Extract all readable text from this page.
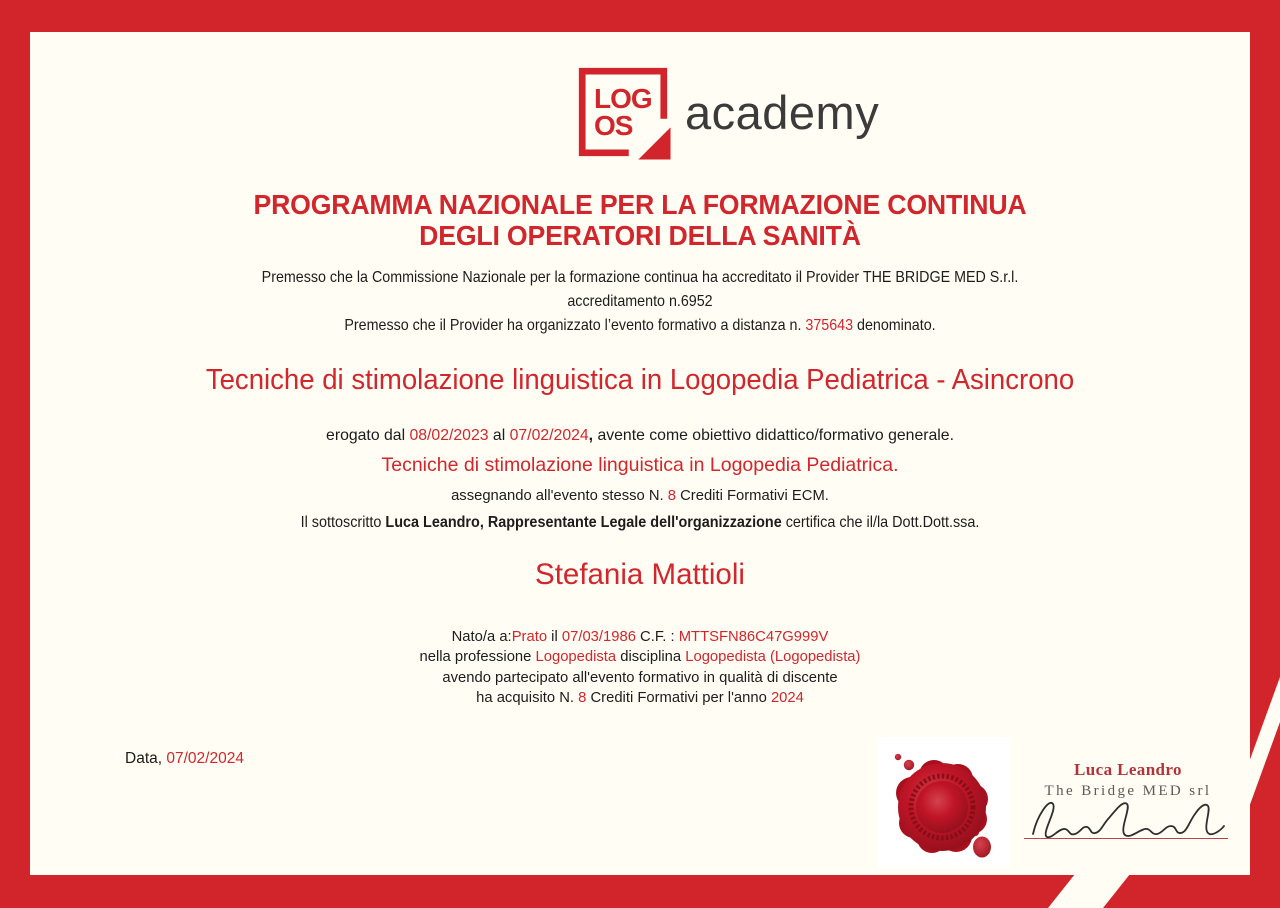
LOG
OS	academy
PROGRAMMA NAZIONALE PER LA FORMAZIONE CONTINUA
DEGLI OPERATORI DELLA SANITÀ
Premesso che la Commissione Nazionale per la formazione continua ha accreditato il Provider THE BRIDGE MED S.r.l.
accreditamento n.6952
Premesso che il Provider ha organizzato l’evento formativo a distanza n. 375643 denominato.
Tecniche di stimolazione linguistica in Logopedia Pediatrica - Asincrono
erogato dal 08/02/2023 al 07/02/2024, avente come obiettivo didattico/formativo generale.
Tecniche di stimolazione linguistica in Logopedia Pediatrica.
assegnando all'evento stesso N. 8 Crediti Formativi ECM.
Il sottoscritto Luca Leandro, Rappresentante Legale dell'organizzazione certifica che il/la Dott.Dott.ssa.
Stefania Mattioli
Nato/a a:Prato il 07/03/1986 C.F. : MTTSFN86C47G999V
nella professione Logopedista disciplina Logopedista (Logopedista)
avendo partecipato all'evento formativo in qualità di discente
ha acquisito N. 8 Crediti Formativi per l'anno 2024
Data, 07/02/2024
Luca Leandro
The Bridge MED srl
